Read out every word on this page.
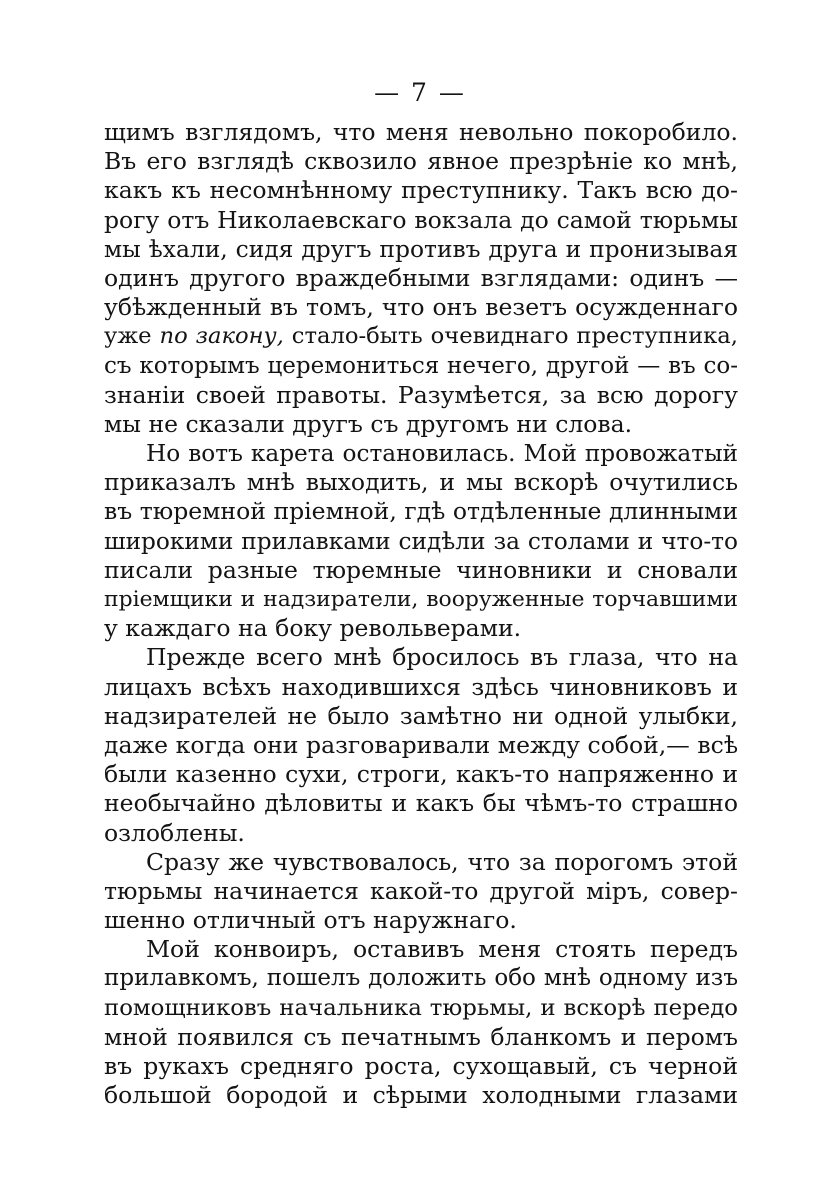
— 7 —
щимъ взглядомъ, что меня невольно покоробило.
Въ его взглядѣ сквозило явное презрѣніе ко мнѣ,
какъ къ несомнѣнному преступнику. Такъ всю до-
рогу отъ Николаевскаго вокзала до самой тюрьмы
мы ѣхали, сидя другъ противъ друга и пронизывая
одинъ другого враждебными взглядами: одинъ —
убѣжденный въ томъ, что онъ везетъ осужденнаго
уже по закону, стало-быть очевиднаго преступника,
съ которымъ церемониться нечего, другой — въ со-
знаніи своей правоты. Разумѣется, за всю дорогу
мы не сказали другъ съ другомъ ни слова.
Но вотъ карета остановилась. Мой провожатый
приказалъ мнѣ выходить, и мы вскорѣ очутились
въ тюремной пріемной, гдѣ отдѣленные длинными
широкими прилавками сидѣли за столами и что-то
писали разные тюремные чиновники и сновали
пріемщики и надзиратели, вооруженные торчавшими
у каждаго на боку револьверами.
Прежде всего мнѣ бросилось въ глаза, что на
лицахъ всѣхъ находившихся здѣсь чиновниковъ и
надзирателей не было замѣтно ни одной улыбки,
даже когда они разговаривали между собой,— всѣ
были казенно сухи, строги, какъ-то напряженно и
необычайно дѣловиты и какъ бы чѣмъ-то страшно
озлоблены.
Сразу же чувствовалось, что за порогомъ этой
тюрьмы начинается какой-то другой міръ, совер-
шенно отличный отъ наружнаго.
Мой конвоиръ, оставивъ меня стоять передъ
прилавкомъ, пошелъ доложить обо мнѣ одному изъ
помощниковъ начальника тюрьмы, и вскорѣ передо
мной появился съ печатнымъ бланкомъ и перомъ
въ рукахъ средняго роста, сухощавый, съ черной
большой бородой и сѣрыми холодными глазами
